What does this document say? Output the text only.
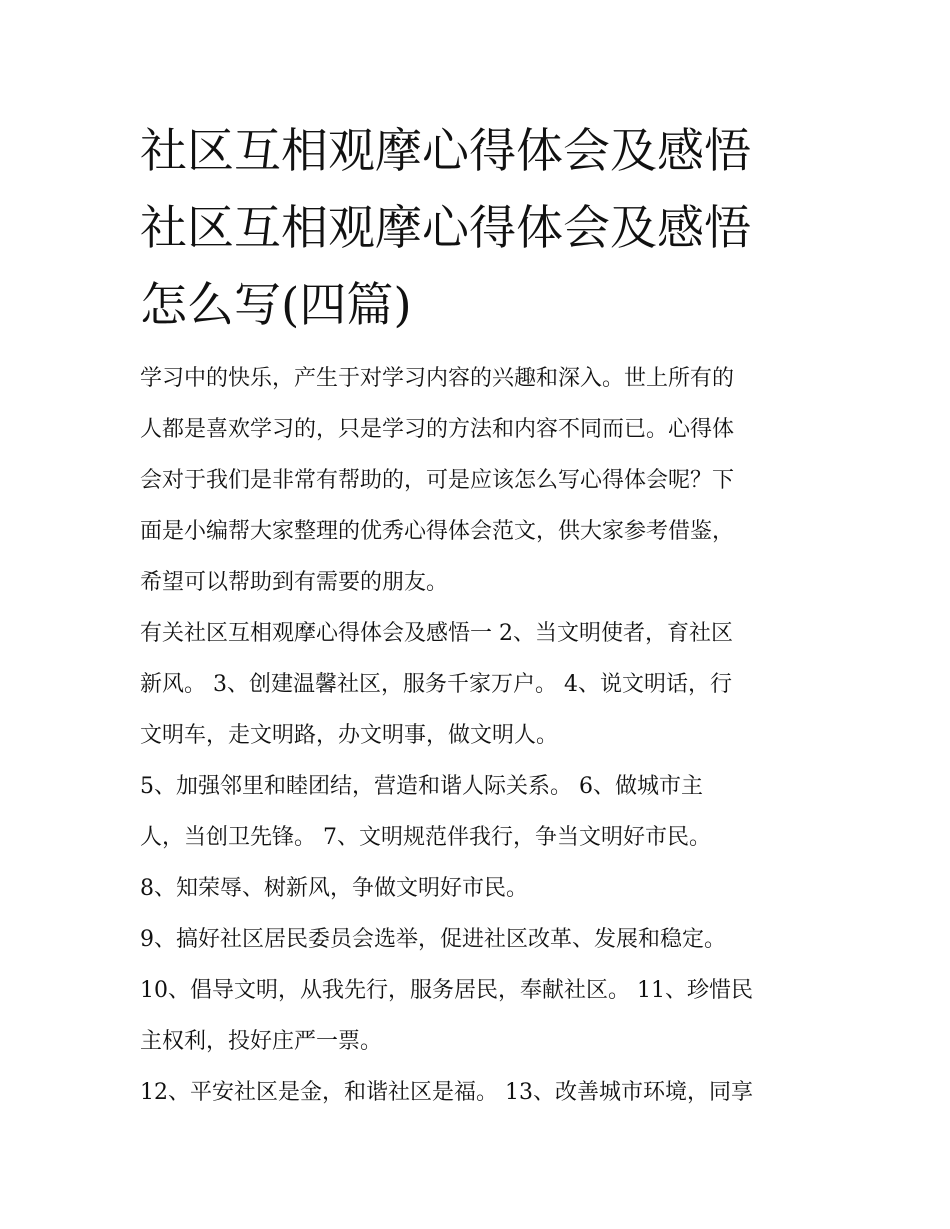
社区互相观摩心得体会及感悟
社区互相观摩心得体会及感悟
怎么写(四篇)
学习中的快乐，产生于对学习内容的兴趣和深入。世上所有的
人都是喜欢学习的，只是学习的方法和内容不同而已。心得体
会对于我们是非常有帮助的，可是应该怎么写心得体会呢？下
面是小编帮大家整理的优秀心得体会范文，供大家参考借鉴，
希望可以帮助到有需要的朋友。
有关社区互相观摩心得体会及感悟一 2、当文明使者，育社区
新风。 3、创建温馨社区，服务千家万户。 4、说文明话，行
文明车，走文明路，办文明事，做文明人。
5、加强邻里和睦团结，营造和谐人际关系。 6、做城市主
人，当创卫先锋。 7、文明规范伴我行，争当文明好市民。
8、知荣辱、树新风，争做文明好市民。
9、搞好社区居民委员会选举，促进社区改革、发展和稳定。
10、倡导文明，从我先行，服务居民，奉献社区。 11、珍惜民
主权利，投好庄严一票。
12、平安社区是金，和谐社区是福。 13、改善城市环境，同享
